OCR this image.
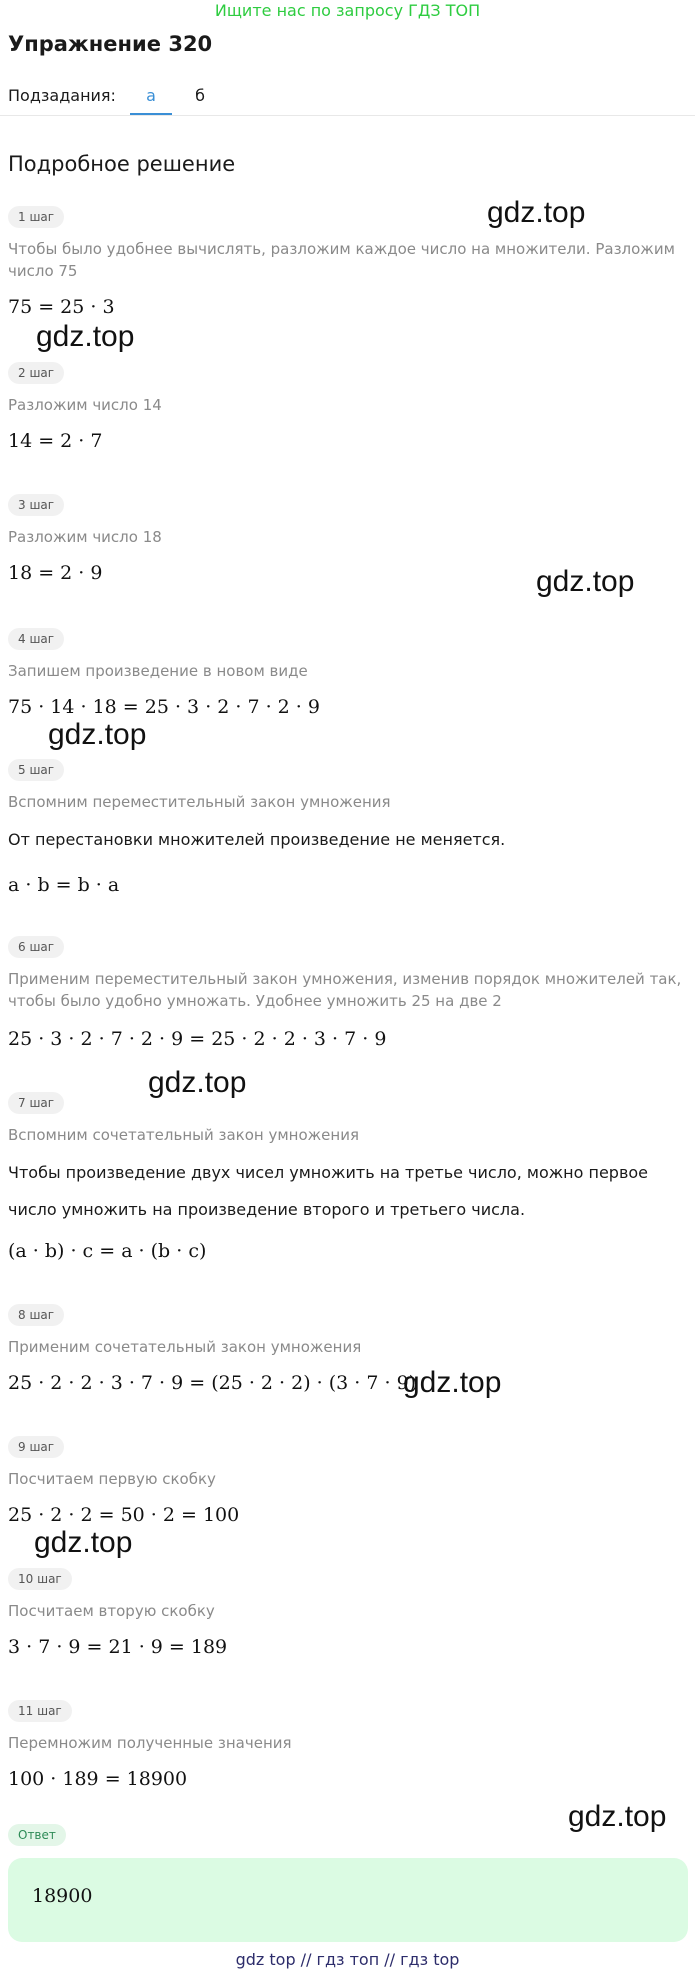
Ищите нас по запросу ГДЗ ТОП
Упражнение 320
Подзадания:	а	б
Подробное решение
1 шаг
Чтобы было удобнее вычислять, разложим каждое число на множители. Разложим
число 75
75 = 25 · 3
2 шаг
Разложим число 14
14 = 2 · 7
3 шаг
Разложим число 18
18 = 2 · 9
4 шаг
Запишем произведение в новом виде
75 · 14 · 18 = 25 · 3 · 2 · 7 · 2 · 9
5 шаг
Вспомним переместительный закон умножения
От перестановки множителей произведение не меняется.
a · b = b · a
6 шаг
Применим переместительный закон умножения, изменив порядок множителей так,
чтобы было удобно умножать. Удобнее умножить 25 на две 2
25 · 3 · 2 · 7 · 2 · 9 = 25 · 2 · 2 · 3 · 7 · 9
7 шаг
Вспомним сочетательный закон умножения
Чтобы произведение двух чисел умножить на третье число, можно первое
число умножить на произведение второго и третьего числа.
(a · b) · c = a · (b · c)
8 шаг
Применим сочетательный закон умножения
25 · 2 · 2 · 3 · 7 · 9 = (25 · 2 · 2) · (3 · 7 · 9)
9 шаг
Посчитаем первую скобку
25 · 2 · 2 = 50 · 2 = 100
10 шаг
Посчитаем вторую скобку
3 · 7 · 9 = 21 · 9 = 189
11 шаг
Перемножим полученные значения
100 · 189 = 18900
Ответ
18900
gdz.top
gdz.top
gdz.top
gdz.top
gdz.top
gdz.top
gdz.top
gdz.top
gdz top // гдз топ // гдз top
